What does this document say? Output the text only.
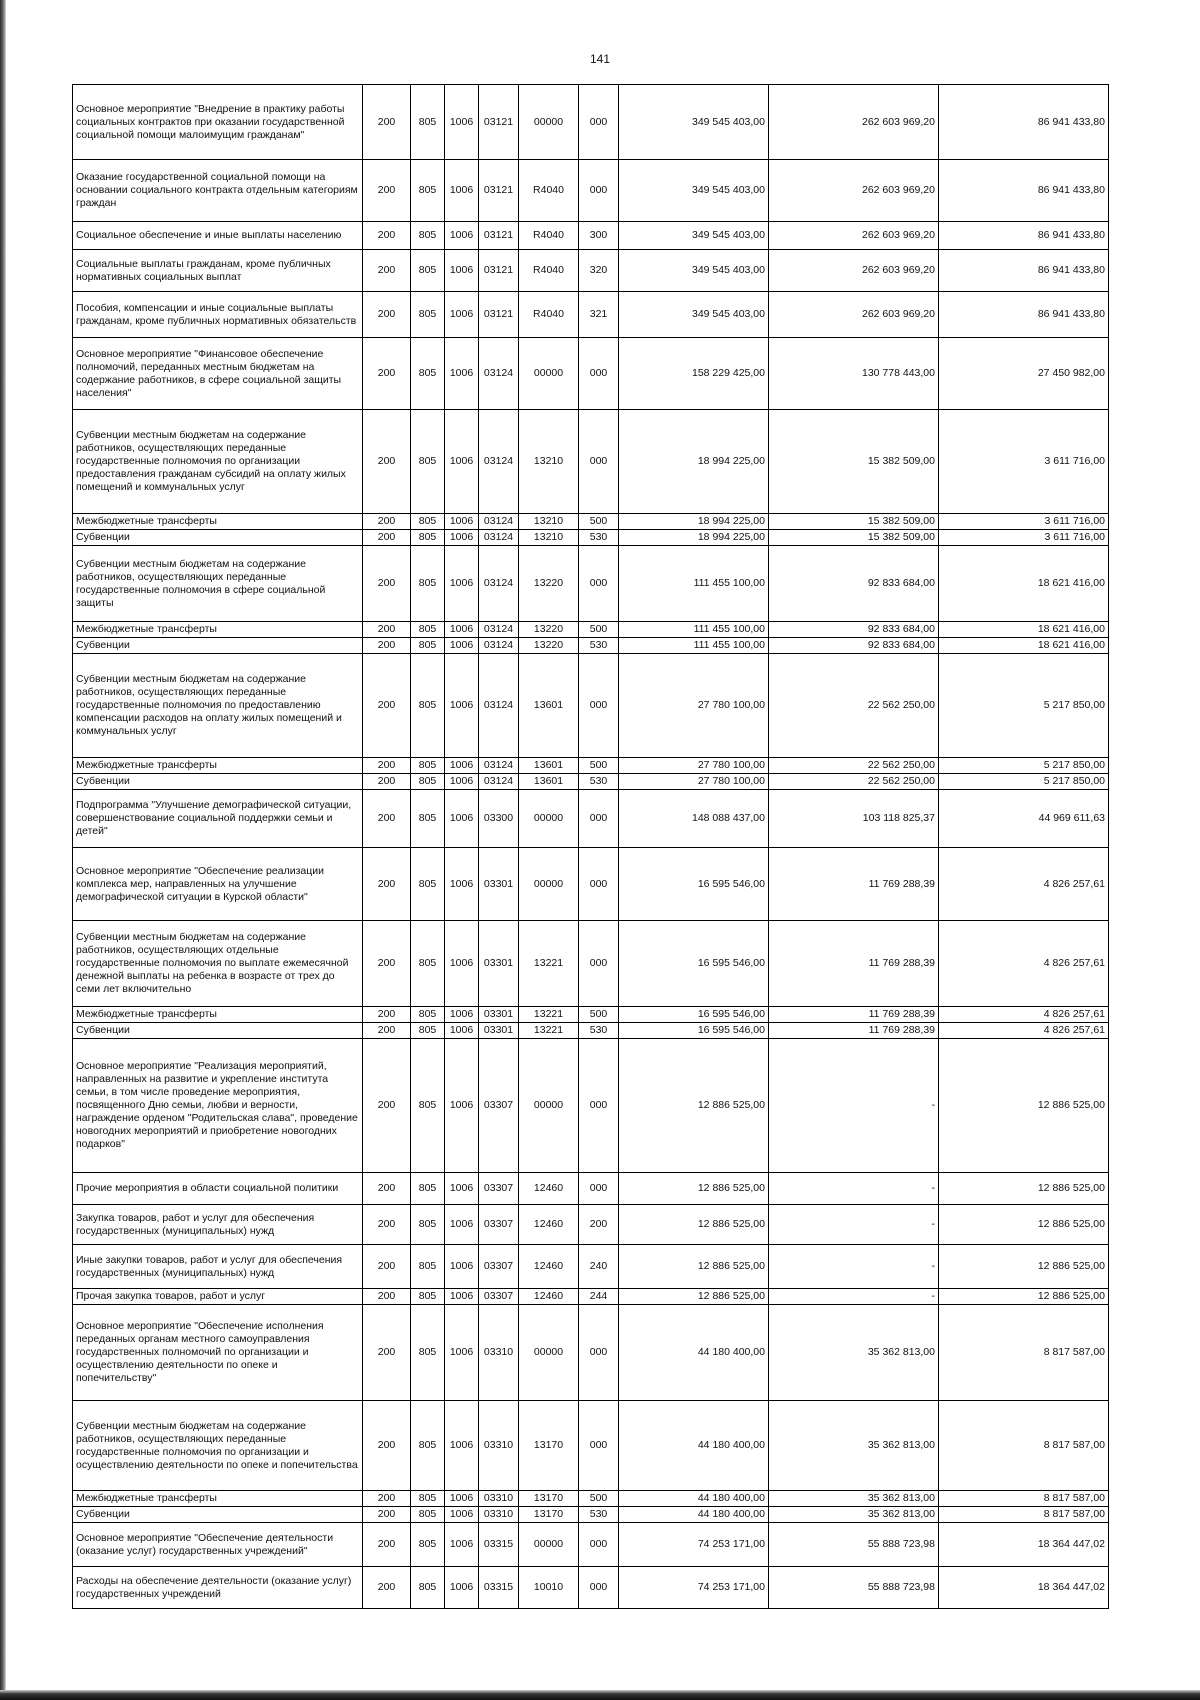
141
Основное мероприятие "Внедрение в практику работы социальных контрактов при оказании государственной социальной помощи малоимущим гражданам"	200	805	1006	03121	00000	000	349 545 403,00	262 603 969,20	86 941 433,80
Оказание государственной социальной помощи на основании социального контракта отдельным категориям граждан	200	805	1006	03121	R4040	000	349 545 403,00	262 603 969,20	86 941 433,80
Социальное обеспечение и иные выплаты населению	200	805	1006	03121	R4040	300	349 545 403,00	262 603 969,20	86 941 433,80
Социальные выплаты гражданам, кроме публичных нормативных социальных выплат	200	805	1006	03121	R4040	320	349 545 403,00	262 603 969,20	86 941 433,80
Пособия, компенсации и иные социальные выплаты гражданам, кроме публичных нормативных обязательств	200	805	1006	03121	R4040	321	349 545 403,00	262 603 969,20	86 941 433,80
Основное мероприятие "Финансовое обеспечение полномочий, переданных местным бюджетам на содержание работников, в сфере социальной защиты населения"	200	805	1006	03124	00000	000	158 229 425,00	130 778 443,00	27 450 982,00
Субвенции местным бюджетам на содержание работников, осуществляющих переданные государственные полномочия по организации предоставления гражданам субсидий на оплату жилых помещений и коммунальных услуг	200	805	1006	03124	13210	000	18 994 225,00	15 382 509,00	3 611 716,00
Межбюджетные трансферты	200	805	1006	03124	13210	500	18 994 225,00	15 382 509,00	3 611 716,00
Субвенции	200	805	1006	03124	13210	530	18 994 225,00	15 382 509,00	3 611 716,00
Субвенции местным бюджетам на содержание работников, осуществляющих переданные государственные полномочия в сфере социальной защиты	200	805	1006	03124	13220	000	111 455 100,00	92 833 684,00	18 621 416,00
Межбюджетные трансферты	200	805	1006	03124	13220	500	111 455 100,00	92 833 684,00	18 621 416,00
Субвенции	200	805	1006	03124	13220	530	111 455 100,00	92 833 684,00	18 621 416,00
Субвенции местным бюджетам на содержание работников, осуществляющих переданные государственные полномочия по предоставлению компенсации расходов на оплату жилых помещений и коммунальных услуг	200	805	1006	03124	13601	000	27 780 100,00	22 562 250,00	5 217 850,00
Межбюджетные трансферты	200	805	1006	03124	13601	500	27 780 100,00	22 562 250,00	5 217 850,00
Субвенции	200	805	1006	03124	13601	530	27 780 100,00	22 562 250,00	5 217 850,00
Подпрограмма "Улучшение демографической ситуации, совершенствование социальной поддержки семьи и детей"	200	805	1006	03300	00000	000	148 088 437,00	103 118 825,37	44 969 611,63
Основное мероприятие "Обеспечение реализации комплекса мер, направленных на улучшение демографической ситуации в Курской области"	200	805	1006	03301	00000	000	16 595 546,00	11 769 288,39	4 826 257,61
Субвенции местным бюджетам на содержание работников, осуществляющих отдельные государственные полномочия по выплате ежемесячной денежной выплаты на ребенка в возрасте от трех до семи лет включительно	200	805	1006	03301	13221	000	16 595 546,00	11 769 288,39	4 826 257,61
Межбюджетные трансферты	200	805	1006	03301	13221	500	16 595 546,00	11 769 288,39	4 826 257,61
Субвенции	200	805	1006	03301	13221	530	16 595 546,00	11 769 288,39	4 826 257,61
Основное мероприятие "Реализация мероприятий, направленных на развитие и укрепление института семьи, в том числе проведение мероприятия, посвященного Дню семьи, любви и верности, награждение орденом "Родительская слава", проведение новогодних мероприятий и приобретение новогодних подарков"	200	805	1006	03307	00000	000	12 886 525,00	-	12 886 525,00
Прочие мероприятия в области социальной политики	200	805	1006	03307	12460	000	12 886 525,00	-	12 886 525,00
Закупка товаров, работ и услуг для обеспечения государственных (муниципальных) нужд	200	805	1006	03307	12460	200	12 886 525,00	-	12 886 525,00
Иные закупки товаров, работ и услуг для обеспечения государственных (муниципальных) нужд	200	805	1006	03307	12460	240	12 886 525,00	-	12 886 525,00
Прочая закупка товаров, работ и услуг	200	805	1006	03307	12460	244	12 886 525,00	-	12 886 525,00
Основное мероприятие "Обеспечение исполнения переданных органам местного самоуправления государственных полномочий по организации и осуществлению деятельности по опеке и попечительству"	200	805	1006	03310	00000	000	44 180 400,00	35 362 813,00	8 817 587,00
Субвенции местным бюджетам на содержание работников, осуществляющих переданные государственные полномочия по организации и осуществлению деятельности по опеке и попечительства	200	805	1006	03310	13170	000	44 180 400,00	35 362 813,00	8 817 587,00
Межбюджетные трансферты	200	805	1006	03310	13170	500	44 180 400,00	35 362 813,00	8 817 587,00
Субвенции	200	805	1006	03310	13170	530	44 180 400,00	35 362 813,00	8 817 587,00
Основное мероприятие "Обеспечение деятельности (оказание услуг) государственных учреждений"	200	805	1006	03315	00000	000	74 253 171,00	55 888 723,98	18 364 447,02
Расходы на обеспечение деятельности (оказание услуг) государственных учреждений	200	805	1006	03315	10010	000	74 253 171,00	55 888 723,98	18 364 447,02
